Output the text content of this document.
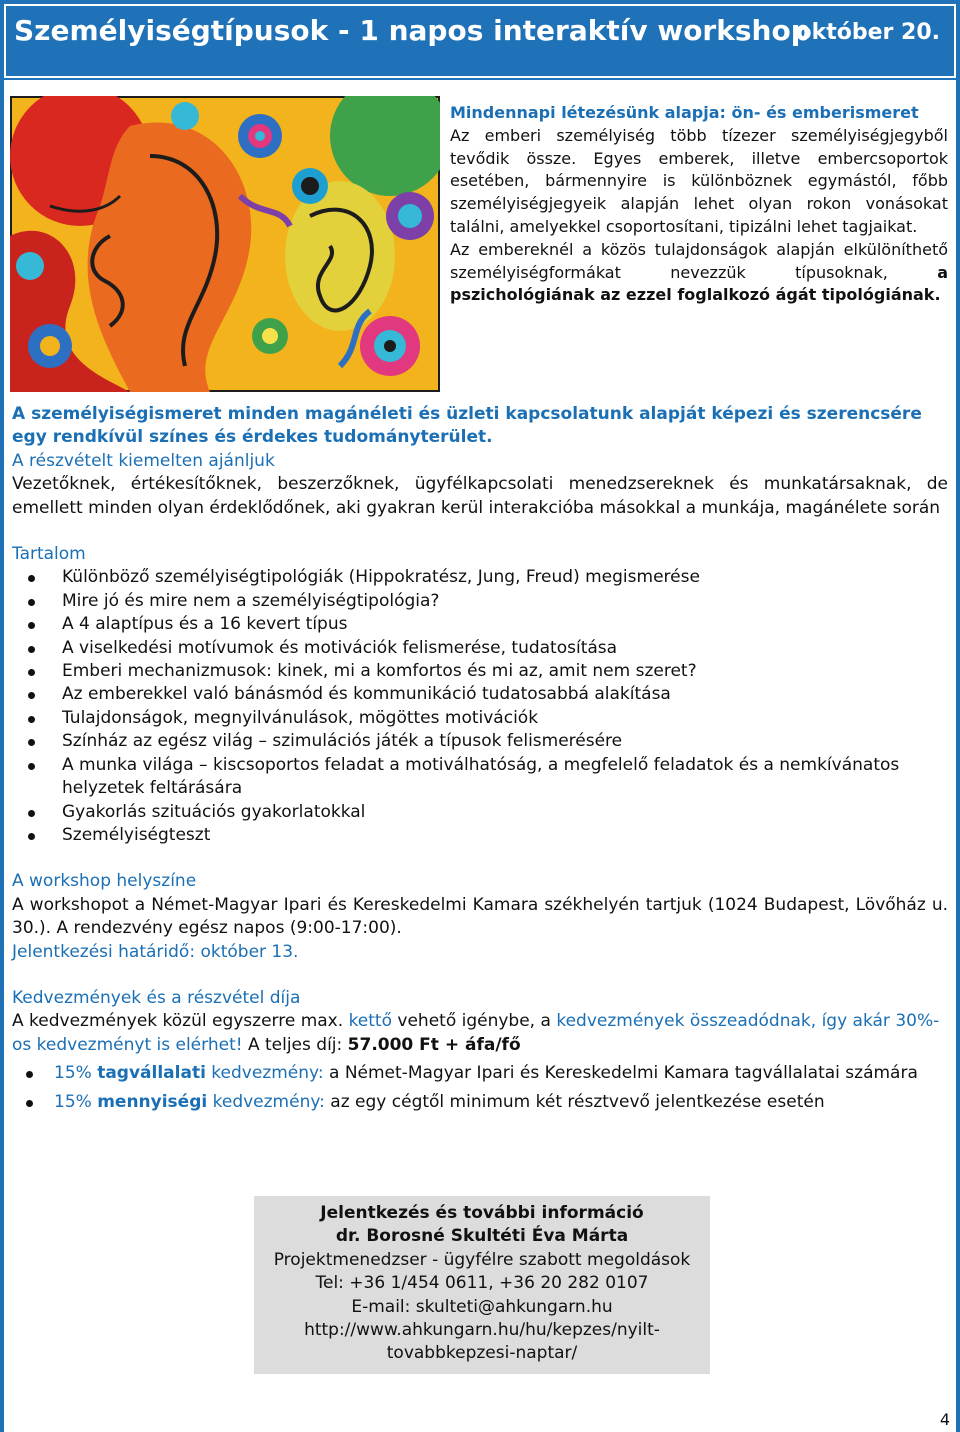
Személyiségtípusok - 1 napos interaktív workshop
október 20.

Mindennapi létezésünk alapja: ön- és emberismeret

Az emberi személyiség több tízezer személyiségjegyből tevődik össze. Egyes emberek, illetve embercsoportok esetében, bármennyire is különböznek egymástól, főbb személyiségjegyeik alapján lehet olyan rokon vonásokat találni, amelyekkel csoportosítani, tipizálni lehet tagjaikat.

Az embereknél a közös tulajdonságok alapján elkülöníthető személyiségformákat nevezzük típusoknak,	a pszichológiának az ezzel foglalkozó ágát tipológiának.

A személyiségismeret minden magánéleti és üzleti kapcsolatunk alapját képezi és szerencsére egy rendkívül színes és érdekes tudományterület.

A részvételt kiemelten ajánljuk

Vezetőknek, értékesítőknek, beszerzőknek, ügyfélkapcsolati menedzsereknek és munkatársaknak, de emellett minden olyan érdeklődőnek, aki gyakran kerül interakcióba másokkal a munkája, magánélete során

Tartalom

Különböző személyiségtipológiák (Hippokratész, Jung, Freud) megismerése
Mire jó és mire nem a személyiségtipológia?
A 4 alaptípus és a 16 kevert típus
A viselkedési motívumok és motivációk felismerése, tudatosítása
Emberi mechanizmusok: kinek, mi a komfortos és mi az, amit nem szeret?
Az emberekkel való bánásmód és kommunikáció tudatosabbá alakítása
Tulajdonságok, megnyilvánulások, mögöttes motivációk
Színház az egész világ – szimulációs játék a típusok felismerésére
A munka világa – kiscsoportos feladat a motiválhatóság, a megfelelő feladatok és a nemkívánatos helyzetek feltárására
Gyakorlás szituációs gyakorlatokkal
Személyiségteszt

A workshop helyszíne

A workshopot a Német-Magyar Ipari és Kereskedelmi Kamara székhelyén tartjuk (1024 Budapest, Lövőház u. 30.). A rendezvény egész napos (9:00-17:00).

Jelentkezési határidő: október 13.

Kedvezmények és a részvétel díja

A kedvezmények közül egyszerre max. kettő vehető igénybe, a kedvezmények összeadódnak, így akár 30%-os kedvezményt is elérhet! A teljes díj: 57.000 Ft + áfa/fő

15% tagvállalati kedvezmény: a Német-Magyar Ipari és Kereskedelmi Kamara tagvállalatai számára
15% mennyiségi kedvezmény: az egy cégtől minimum két résztvevő jelentkezése esetén
Jelentkezés és további információ
dr. Borosné Skultéti Éva Márta
Projektmenedzser - ügyfélre szabott megoldások
Tel: +36 1/454 0611, +36 20 282 0107
E-mail: skulteti@ahkungarn.hu
http://www.ahkungarn.hu/hu/kepzes/nyilt-
tovabbkepzesi-naptar/
4
